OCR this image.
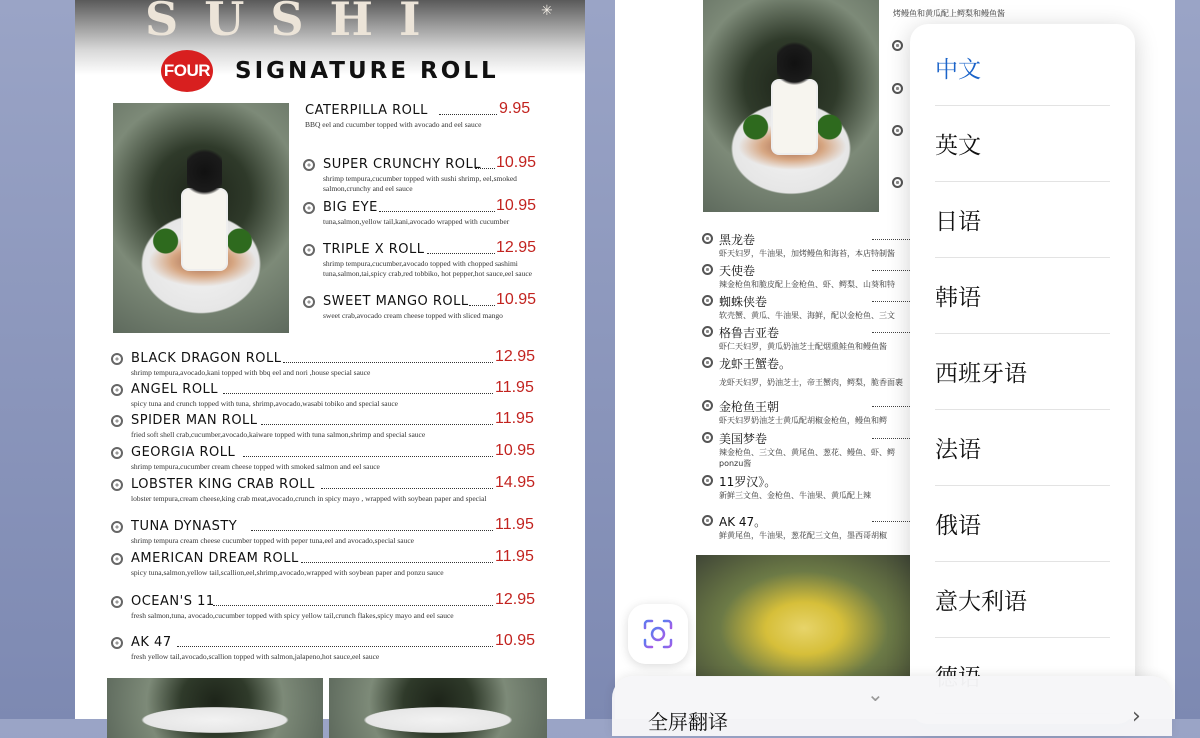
SUSHI	✳
FOUR SIGNATURE ROLL
CATERPILLA ROLL	9.95
BBQ eel and cucumber topped with avocado and eel sauce
SUPER CRUNCHY ROLL 10.95
shrimp tempura,cucumber topped with sushi shrimp, eel,smoked salmon,crunchy and eel sauce
BIG EYE	10.95
tuna,salmon,yellow tail,kani,avocado wrapped with cucumber
TRIPLE X ROLL	12.95
shrimp tempura,cucumber,avocado topped with chopped sashimi tuna,salmon,tai,spicy crab,red tobbiko, hot pepper,hot sauce,eel sauce
SWEET MANGO ROLL 10.95
sweet crab,avocado cream cheese topped with sliced mango
BLACK DRAGON ROLL	12.95
shrimp tempura,avocado,kani topped with bbq eel and nori ,house special sauce
ANGEL ROLL	11.95
spicy tuna and crunch topped with tuna, shrimp,avocado,wasabi tobiko and special sauce
SPIDER MAN ROLL	11.95
fried soft shell crab,cucumber,avocado,kaiware topped with tuna salmon,shrimp and special sauce
GEORGIA ROLL	10.95
shrimp tempura,cucumber cream cheese topped with smoked salmon and eel sauce
LOBSTER KING CRAB ROLL	14.95
lobster tempura,cream cheese,king crab meat,avocado,crunch in spicy mayo , wrapped with soybean paper and special
TUNA DYNASTY	11.95
shrimp tempura cream cheese cucumber topped with peper tuna,eel and avocado,special sauce
AMERICAN DREAM ROLL	11.95
spicy tuna,salmon,yellow tail,scallion,eel,shrimp,avocado,wrapped with soybean paper and ponzu sauce
OCEAN'S 11	12.95
fresh salmon,tuna, avocado,cucumber topped with spicy yellow tail,crunch flakes,spicy mayo and eel sauce
AK 47	10.95
fresh yellow tail,avocado,scallion topped with salmon,jalapeno,hot sauce,eel sauce
烤鳗鱼和黄瓜配上鳄梨和鳗鱼酱
黑龙卷
虾天妇罗，牛油果，加烤鳗鱼和海苔，本店特制酱
天使卷
辣金枪鱼和脆皮配上金枪鱼、虾、鳄梨、山葵和特
蜘蛛侠卷
软壳蟹、黄瓜、牛油果、海鲜，配以金枪鱼、三文
格鲁吉亚卷
虾仁天妇罗，黄瓜奶油芝士配烟熏鲑鱼和鳗鱼酱
龙虾王蟹卷。
龙虾天妇罗，奶油芝士，帝王蟹肉，鳄梨，脆香面裹
金枪鱼王朝
虾天妇罗奶油芝士黄瓜配胡椒金枪鱼，鳗鱼和鳄
美国梦卷
辣金枪鱼、三文鱼、黄尾鱼、葱花、鳗鱼、虾、鳄
ponzu酱
11罗汉》。
新鲜三文鱼、金枪鱼、牛油果、黄瓜配上辣
AK 47。
鲜黄尾鱼，牛油果，葱花配三文鱼，墨西哥胡椒
中文
英文
日语
韩语
西班牙语
法语
俄语
意大利语
⌄
全屏翻译	›
